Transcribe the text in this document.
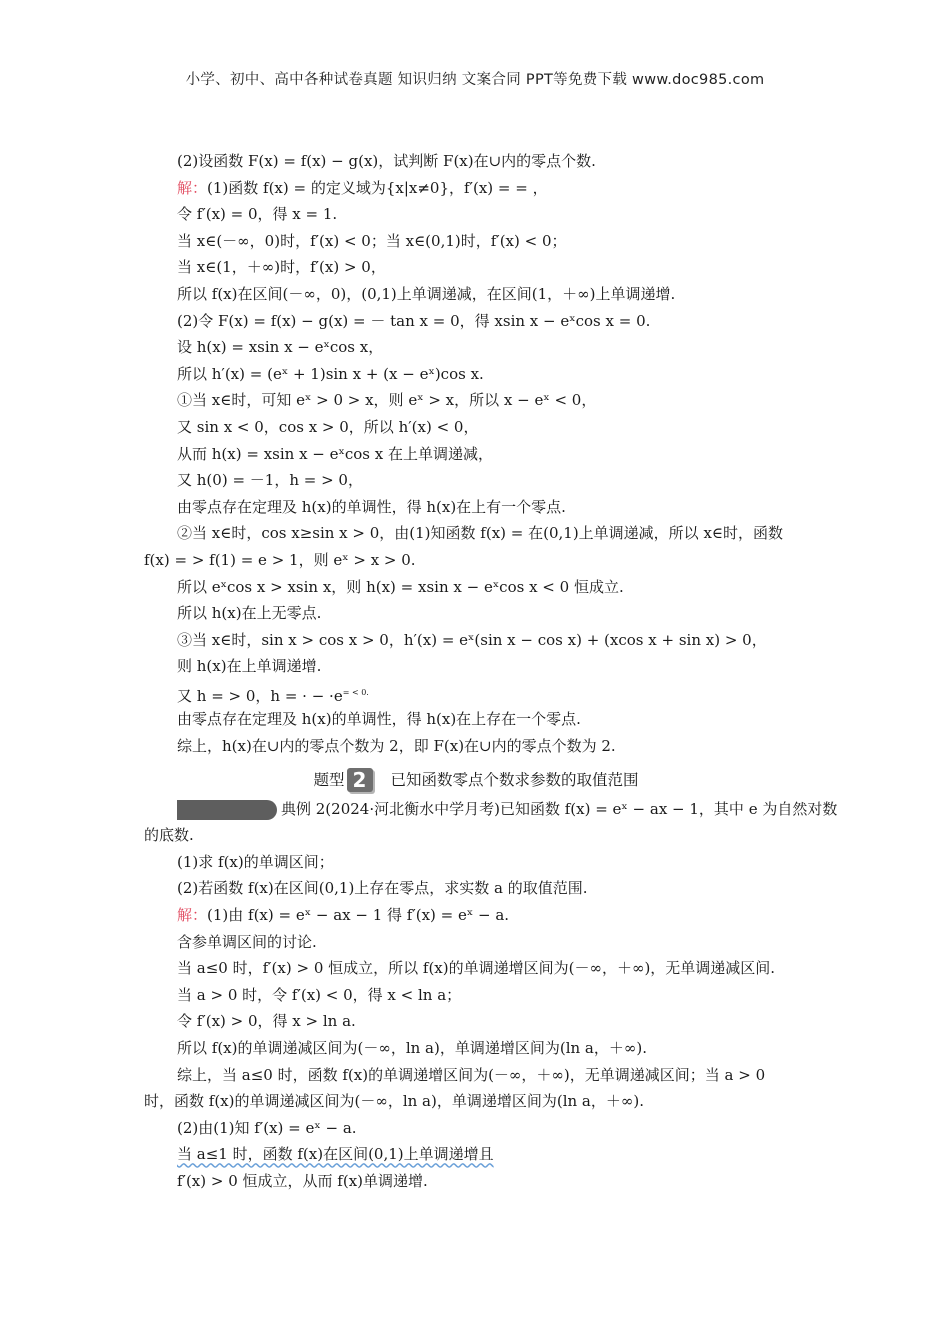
小学、初中、高中各种试卷真题 知识归纳 文案合同 PPT等免费下载 www.doc985.com
(2)设函数 F(x) = f(x) − g(x)，试判断 F(x)在∪内的零点个数.
解：(1)函数 f(x) = 的定义域为{x|x≠0}，f′(x) = = ，
令 f′(x) = 0，得 x = 1.
当 x∈(－∞，0)时，f′(x) < 0；当 x∈(0,1)时，f′(x) < 0；
当 x∈(1，＋∞)时，f′(x) > 0，
所以 f(x)在区间(－∞，0)，(0,1)上单调递减，在区间(1，＋∞)上单调递增.
(2)令 F(x) = f(x) − g(x) = － tan x = 0，得 xsin x − eˣcos x = 0.
设 h(x) = xsin x − eˣcos x，
所以 h′(x) = (eˣ + 1)sin x + (x − eˣ)cos x.
①当 x∈时，可知 eˣ > 0 > x，则 eˣ > x，所以 x − eˣ < 0，
又 sin x < 0，cos x > 0，所以 h′(x) < 0，
从而 h(x) = xsin x − eˣcos x 在上单调递减，
又 h(0) = －1，h = > 0，
由零点存在定理及 h(x)的单调性，得 h(x)在上有一个零点.
②当 x∈时，cos x≥sin x > 0，由(1)知函数 f(x) = 在(0,1)上单调递减，所以 x∈时，函数
f(x) = > f(1) = e > 1，则 eˣ > x > 0.
所以 eˣcos x > xsin x，则 h(x) = xsin x − eˣcos x < 0 恒成立.
所以 h(x)在上无零点.
③当 x∈时，sin x > cos x > 0，h′(x) = eˣ(sin x − cos x) + (xcos x + sin x) > 0，
则 h(x)在上单调递增.
又 h = > 0，h = · − $\cdot e^{= < 0.}$
由零点存在定理及 h(x)的单调性，得 h(x)在上存在一个零点.
综上，h(x)在∪内的零点个数为 2，即 F(x)在∪内的零点个数为 2.
题型 2 已知函数零点个数求参数的取值范围
典例 2(2024·河北衡水中学月考)已知函数 f(x) = eˣ − ax − 1，其中 e 为自然对数
的底数.
(1)求 f(x)的单调区间；
(2)若函数 f(x)在区间(0,1)上存在零点，求实数 a 的取值范围.
解：(1)由 f(x) = eˣ − ax − 1 得 f′(x) = eˣ − a.
含参单调区间的讨论.
当 a≤0 时，f′(x) > 0 恒成立，所以 f(x)的单调递增区间为(－∞，＋∞)，无单调递减区间.
当 a > 0 时，令 f′(x) < 0，得 x < ln a；
令 f′(x) > 0，得 x > ln a.
所以 f(x)的单调递减区间为(－∞，ln a)，单调递增区间为(ln a，＋∞).
综上，当 a≤0 时，函数 f(x)的单调递增区间为(－∞，＋∞)，无单调递减区间；当 a > 0
时，函数 f(x)的单调递减区间为(－∞，ln a)，单调递增区间为(ln a，＋∞).
(2)由(1)知 f′(x) = eˣ − a.
当 a≤1 时，函数 f(x)在区间(0,1)上单调递增且
f′(x) > 0 恒成立，从而 f(x)单调递增.
